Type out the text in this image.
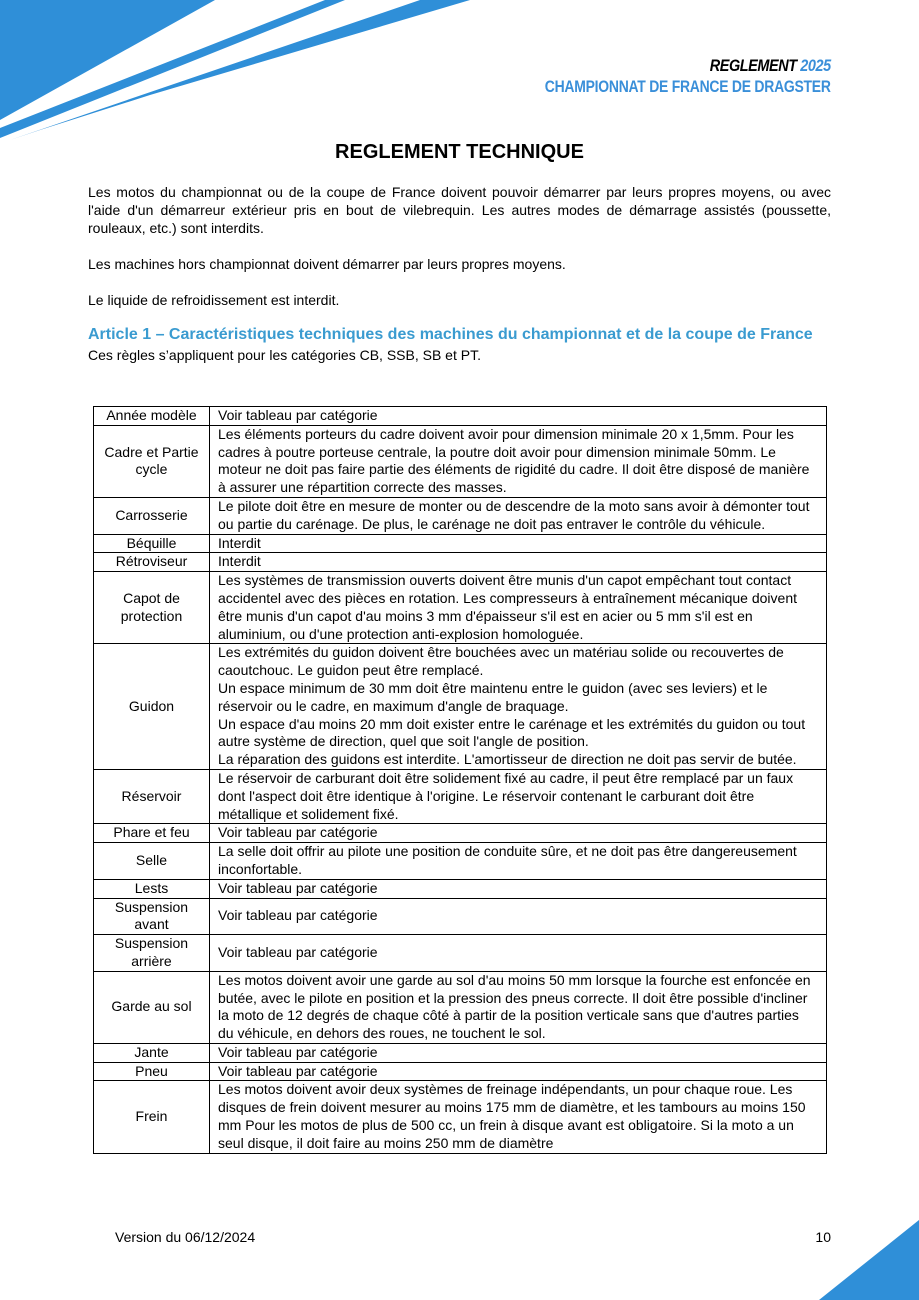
REGLEMENT 2025
CHAMPIONNAT DE FRANCE DE DRAGSTER
REGLEMENT TECHNIQUE

Les motos du championnat ou de la coupe de France doivent pouvoir démarrer par leurs propres moyens, ou avec l'aide d'un démarreur extérieur pris en bout de vilebrequin. Les autres modes de démarrage assistés (poussette, rouleaux, etc.) sont interdits.

Les machines hors championnat doivent démarrer par leurs propres moyens.

Le liquide de refroidissement est interdit.

Article 1 – Caractéristiques techniques des machines du championnat et de la coupe de France
Ces règles s’appliquent pour les catégories CB, SSB, SB et PT.
Année modèle	Voir tableau par catégorie
Cadre et Partie cycle	Les éléments porteurs du cadre doivent avoir pour dimension minimale 20 x 1,5mm. Pour les cadres à poutre porteuse centrale, la poutre doit avoir pour dimension minimale 50mm. Le moteur ne doit pas faire partie des éléments de rigidité du cadre. Il doit être disposé de manière à assurer une répartition correcte des masses.
Carrosserie	Le pilote doit être en mesure de monter ou de descendre de la moto sans avoir à démonter tout ou partie du carénage. De plus, le carénage ne doit pas entraver le contrôle du véhicule.
Béquille	Interdit
Rétroviseur	Interdit
Capot de protection	Les systèmes de transmission ouverts doivent être munis d'un capot empêchant tout contact accidentel avec des pièces en rotation. Les compresseurs à entraînement mécanique doivent être munis d'un capot d'au moins 3 mm d'épaisseur s'il est en acier ou 5 mm s'il est en aluminium, ou d'une protection anti-explosion homologuée.
Guidon	Les extrémités du guidon doivent être bouchées avec un matériau solide ou recouvertes de caoutchouc. Le guidon peut être remplacé.
Un espace minimum de 30 mm doit être maintenu entre le guidon (avec ses leviers) et le réservoir ou le cadre, en maximum d'angle de braquage.
Un espace d'au moins 20 mm doit exister entre le carénage et les extrémités du guidon ou tout autre système de direction, quel que soit l'angle de position.
La réparation des guidons est interdite. L'amortisseur de direction ne doit pas servir de butée.
Réservoir	Le réservoir de carburant doit être solidement fixé au cadre, il peut être remplacé par un faux dont l'aspect doit être identique à l'origine. Le réservoir contenant le carburant doit être métallique et solidement fixé.
Phare et feu	Voir tableau par catégorie
Selle	La selle doit offrir au pilote une position de conduite sûre, et ne doit pas être dangereusement inconfortable.
Lests	Voir tableau par catégorie
Suspension avant	Voir tableau par catégorie
Suspension arrière	Voir tableau par catégorie
Garde au sol	Les motos doivent avoir une garde au sol d'au moins 50 mm lorsque la fourche est enfoncée en butée, avec le pilote en position et la pression des pneus correcte. Il doit être possible d'incliner la moto de 12 degrés de chaque côté à partir de la position verticale sans que d'autres parties du véhicule, en dehors des roues, ne touchent le sol.
Jante	Voir tableau par catégorie
Pneu	Voir tableau par catégorie
Frein	Les motos doivent avoir deux systèmes de freinage indépendants, un pour chaque roue. Les disques de frein doivent mesurer au moins 175 mm de diamètre, et les tambours au moins 150 mm Pour les motos de plus de 500 cc, un frein à disque avant est obligatoire. Si la moto a un seul disque, il doit faire au moins 250 mm de diamètre
Version du 06/12/2024	10
